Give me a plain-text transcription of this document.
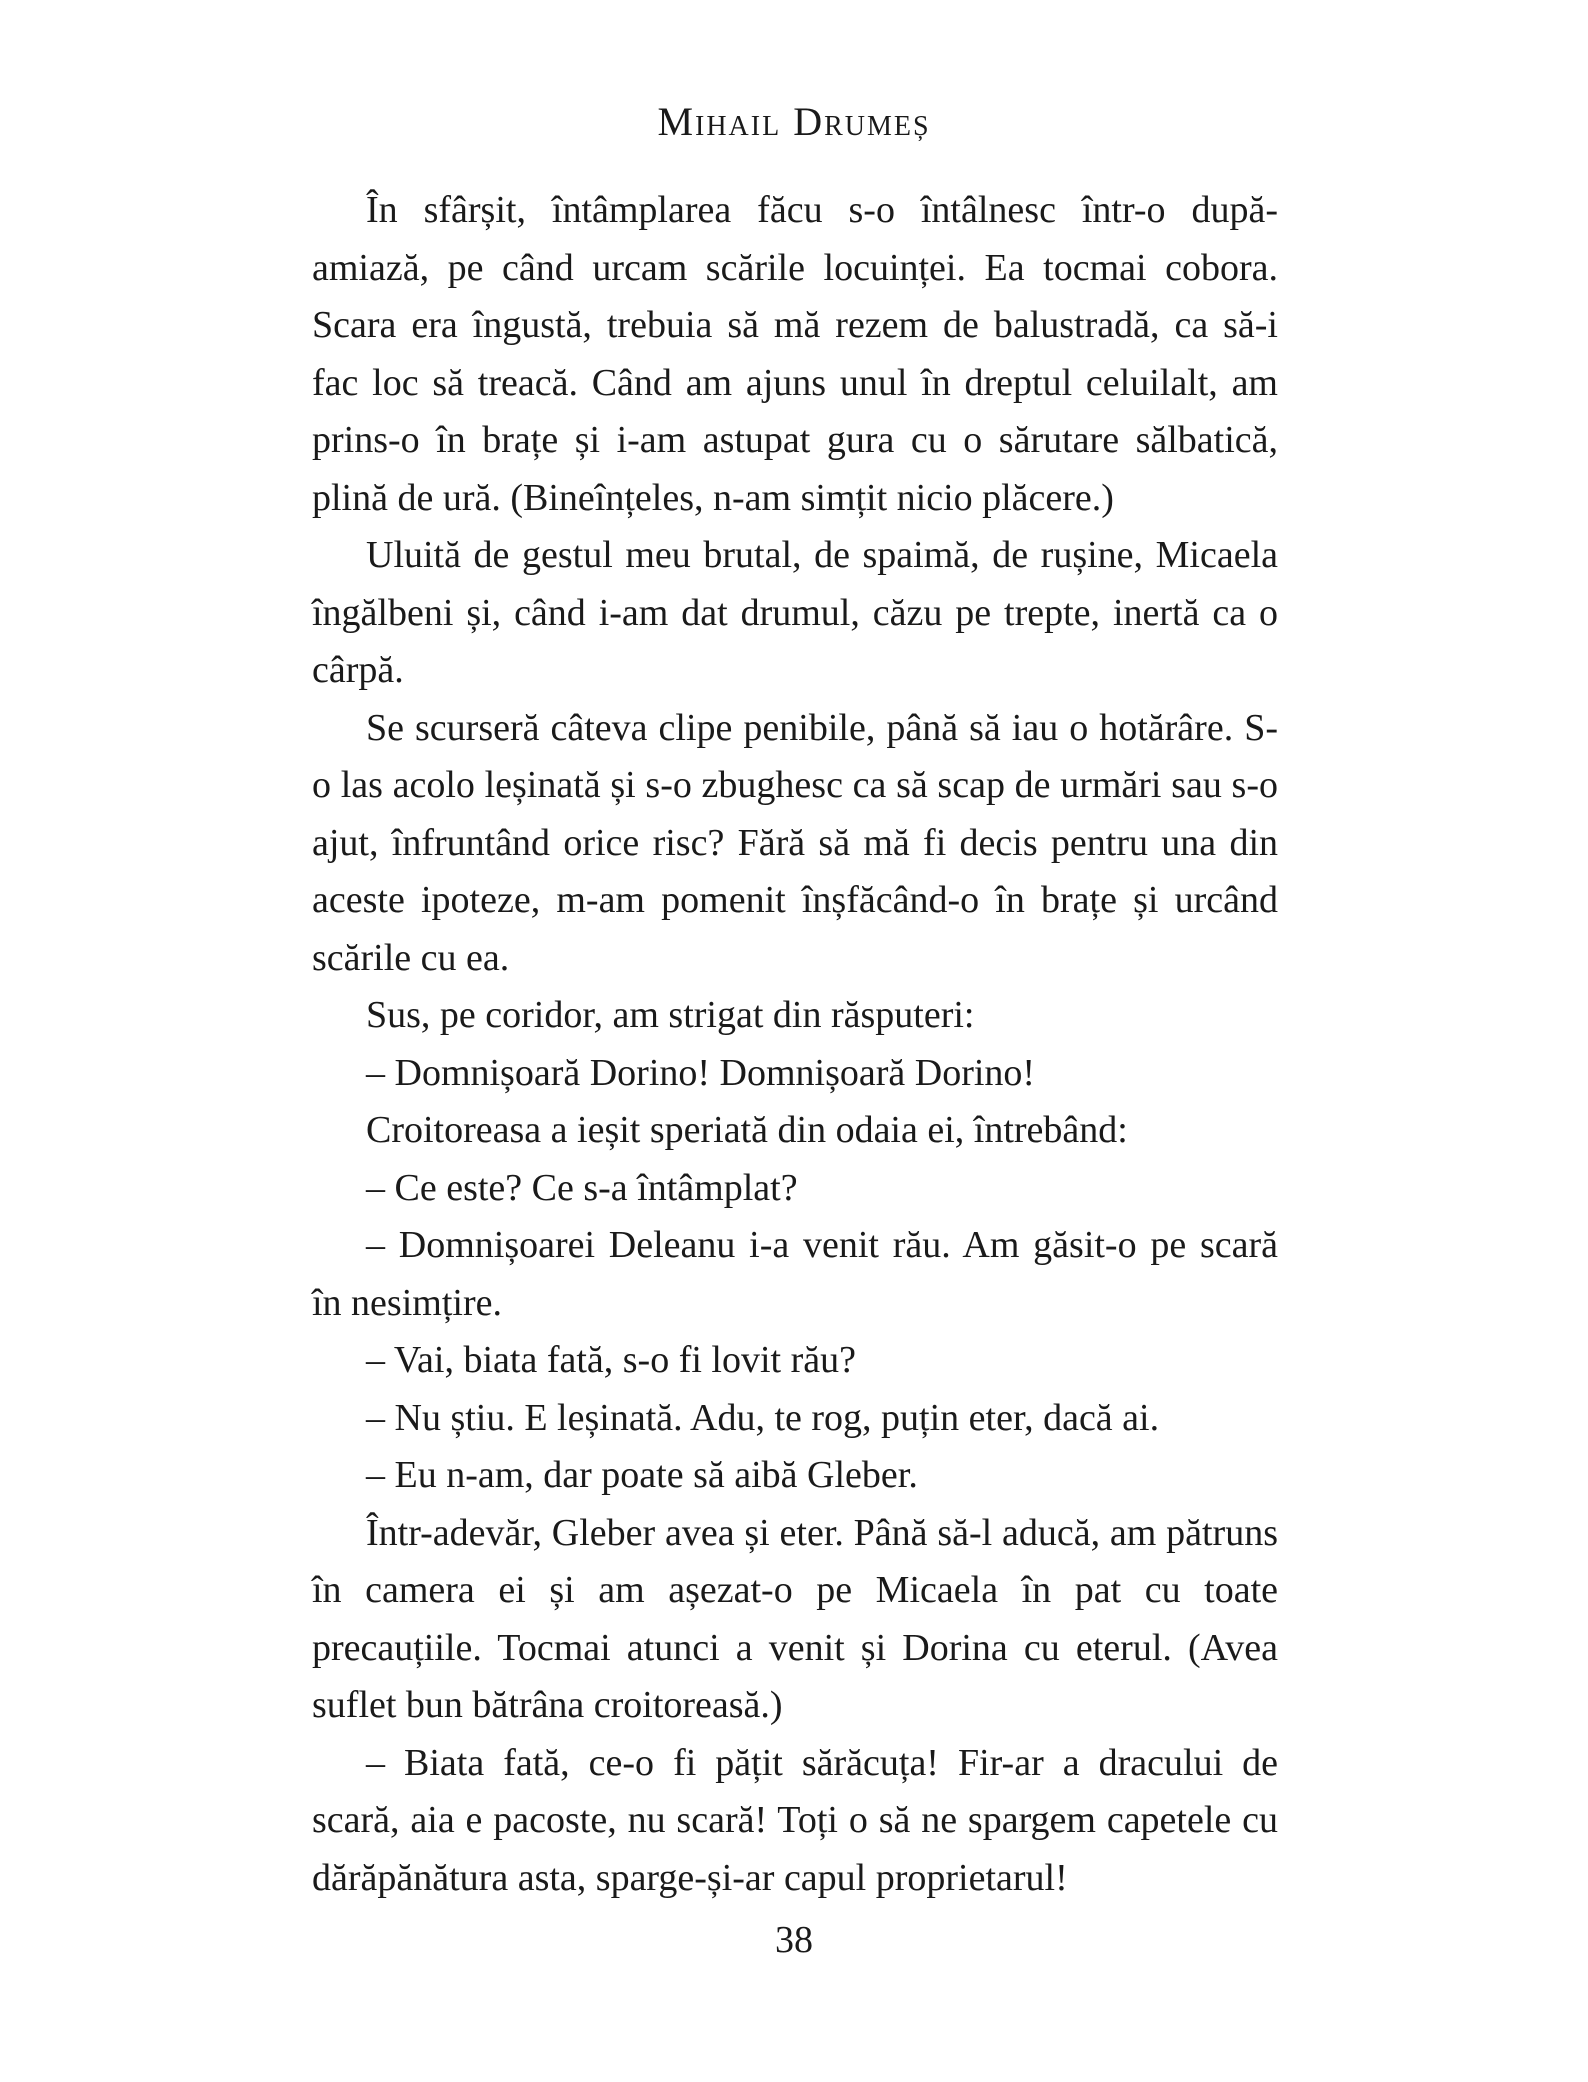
Mihail Drumeș

În sfârșit, întâmplarea făcu s-o întâlnesc într-o după-amiază, pe când urcam scările locuinței. Ea tocmai cobora. Scara era îngustă, trebuia să mă rezem de balustradă, ca să-i fac loc să treacă. Când am ajuns unul în dreptul celuilalt, am prins-o în brațe și i-am astupat gura cu o sărutare sălbatică, plină de ură. (Bineînțeles, n-am simțit nicio plăcere.)

Uluită de gestul meu brutal, de spaimă, de rușine, Micaela îngălbeni și, când i-am dat drumul, căzu pe trepte, inertă ca o cârpă.

Se scurseră câteva clipe penibile, până să iau o hotărâre. S-o las acolo leșinată și s-o zbughesc ca să scap de urmări sau s-o ajut, înfruntând orice risc? Fără să mă fi decis pentru una din aceste ipoteze, m-am pomenit înșfăcând-o în brațe și urcând scările cu ea.

Sus, pe coridor, am strigat din răsputeri:

– Domnișoară Dorino! Domnișoară Dorino!

Croitoreasa a ieșit speriată din odaia ei, întrebând:

– Ce este? Ce s-a întâmplat?

– Domnișoarei Deleanu i-a venit rău. Am găsit-o pe scară în nesimțire.

– Vai, biata fată, s-o fi lovit rău?

– Nu știu. E leșinată. Adu, te rog, puțin eter, dacă ai.

– Eu n-am, dar poate să aibă Gleber.

Într-adevăr, Gleber avea și eter. Până să-l aducă, am pătruns în camera ei și am așezat-o pe Micaela în pat cu toate precauțiile. Tocmai atunci a venit și Dorina cu eterul. (Avea suflet bun bătrâna croitoreasă.)

– Biata fată, ce-o fi pățit sărăcuța! Fir-ar a dracului de scară, aia e pacoste, nu scară! Toți o să ne spargem capetele cu dărăpănătura asta, sparge-și-ar capul proprietarul!

38
